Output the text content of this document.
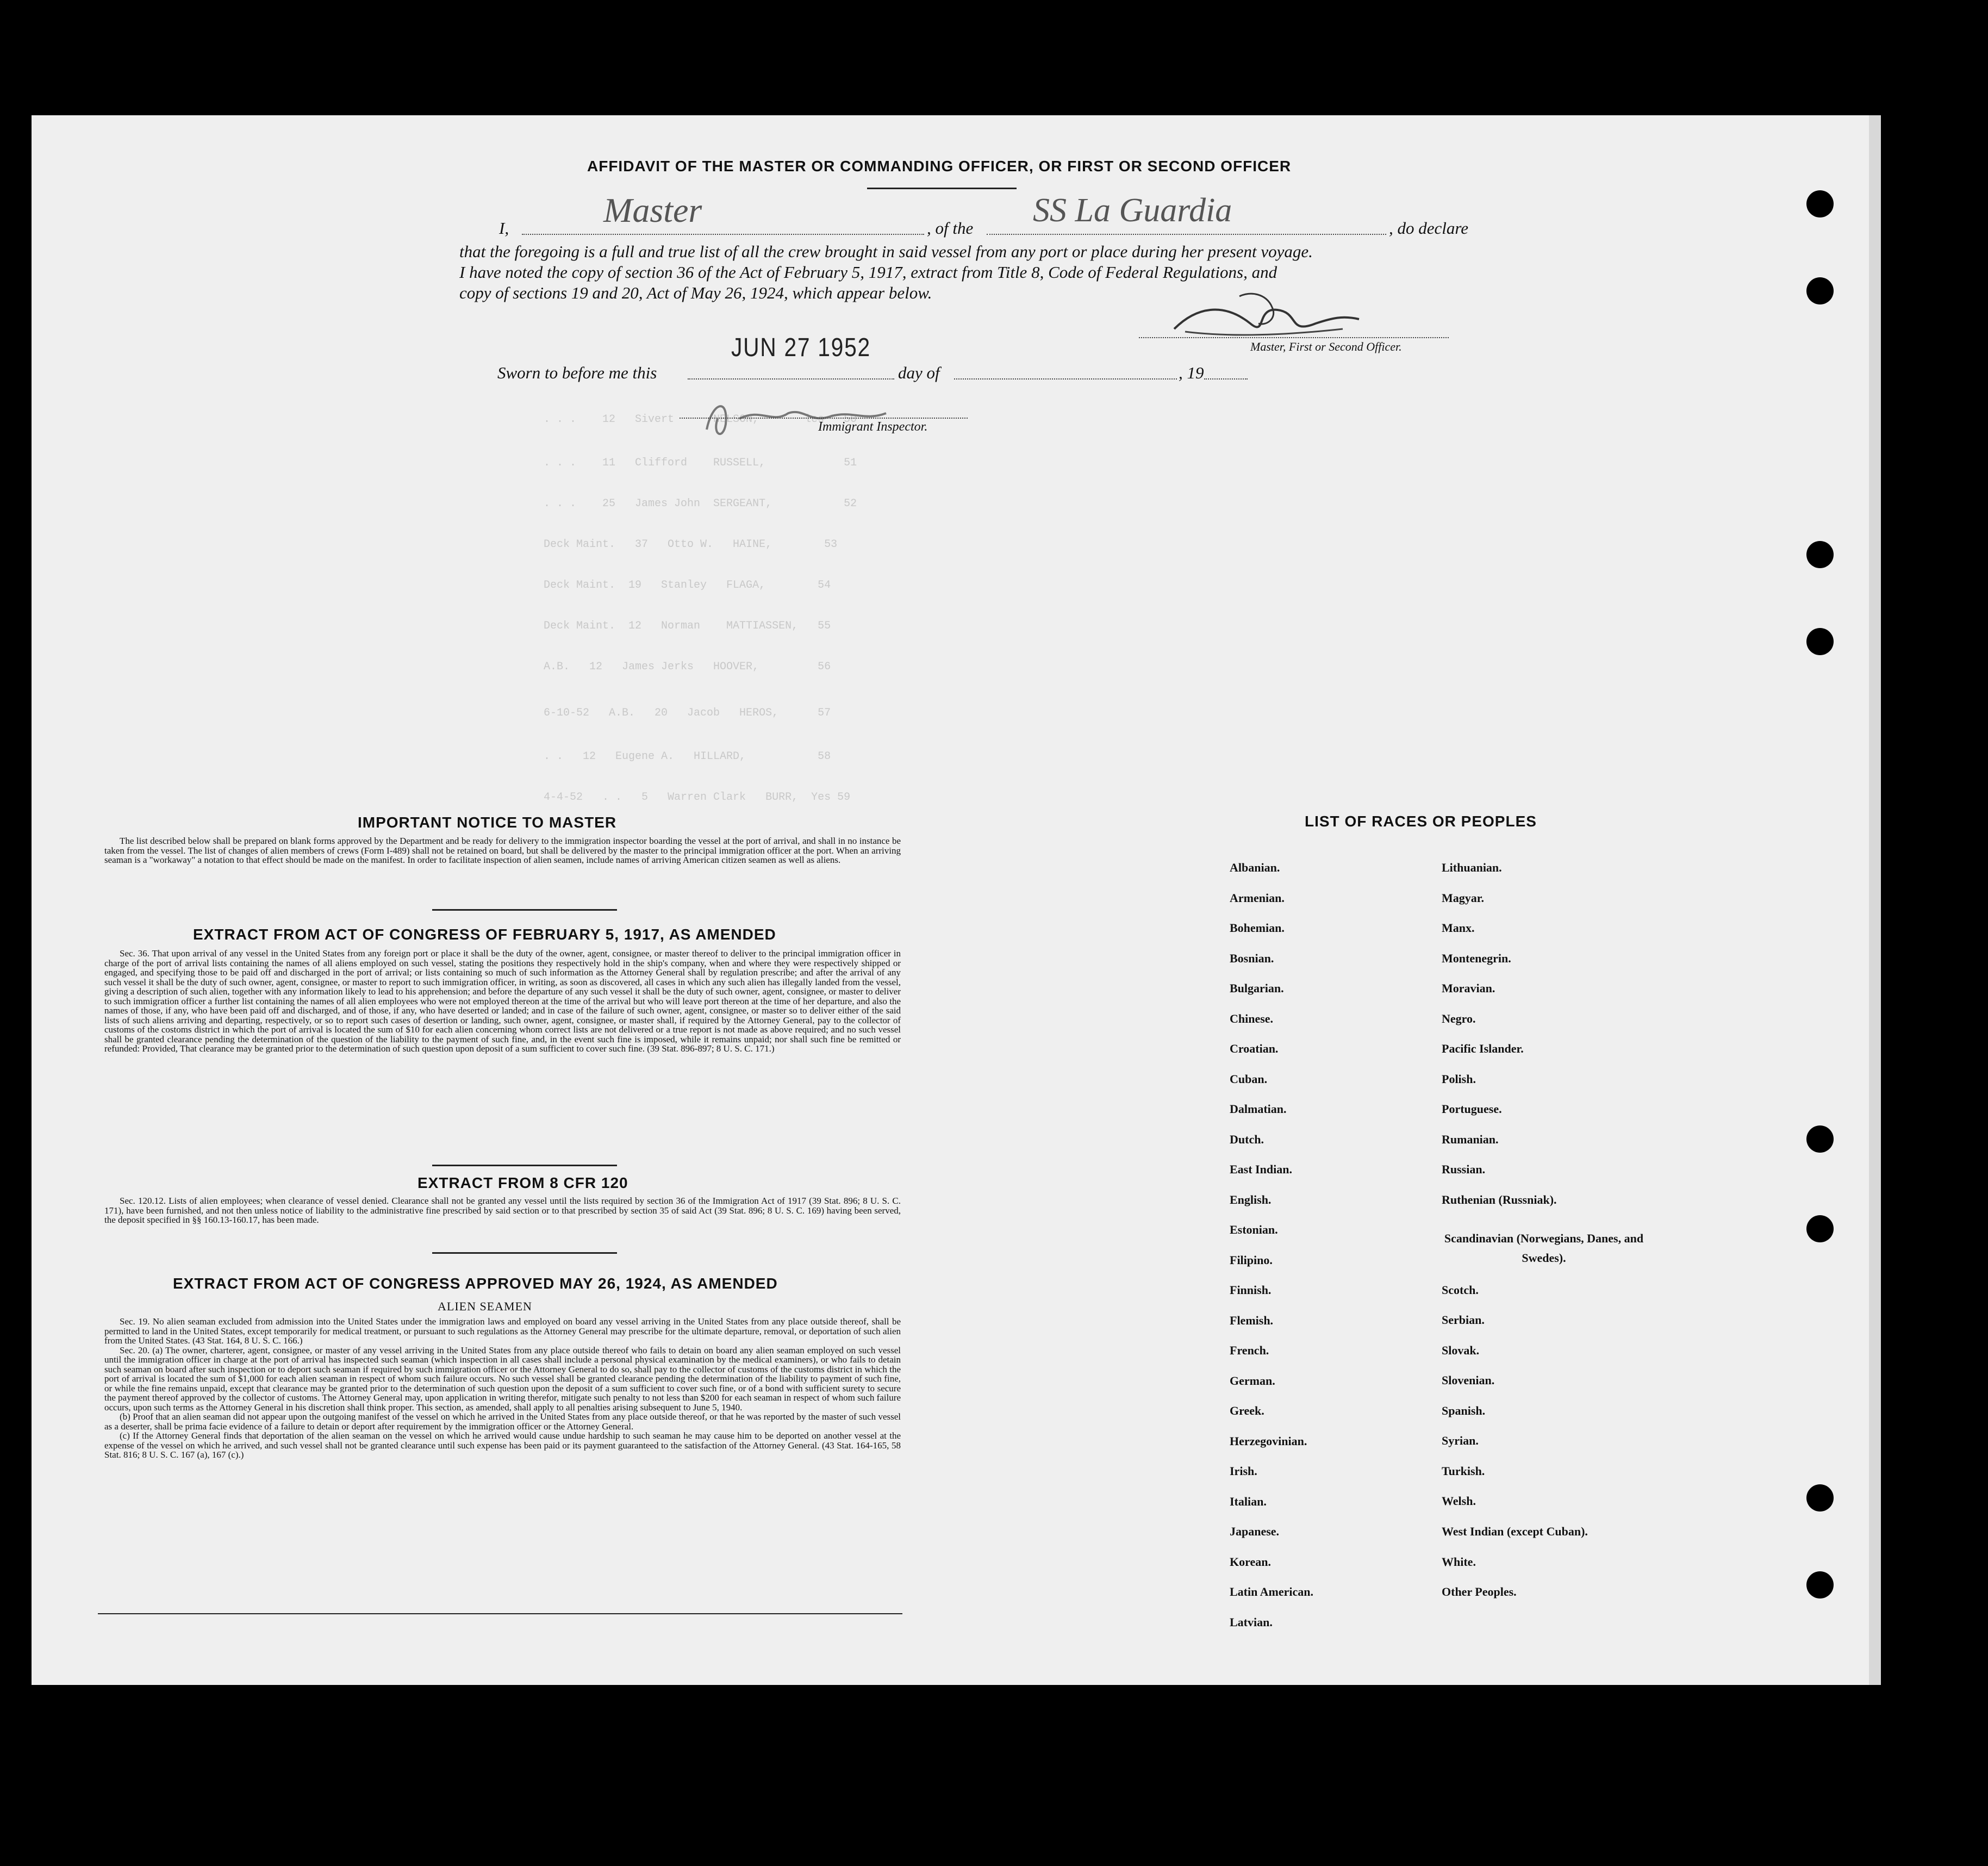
. . .    12   Sivert      NELSON,       les   50
. . .    11   Clifford    RUSSELL,            51
. . .    25   James John  SERGEANT,           52
Deck Maint.   37   Otto W.   HAINE,        53
Deck Maint.  19   Stanley   FLAGA,        54
Deck Maint.  12   Norman    MATTIASSEN,   55
A.B.   12   James Jerks   HOOVER,         56
6-10-52   A.B.   20   Jacob   HEROS,      57
. .   12   Eugene A.   HILLARD,           58
4-4-52   . .   5   Warren Clark   BURR,  Yes 59
AFFIDAVIT OF THE MASTER OR COMMANDING OFFICER, OR FIRST OR SECOND OFFICER
I,	Master	, of the SS La Guardia	, do declare
that the foregoing is a full and true list of all the crew brought in said vessel from any port or place during her present voyage.
I have noted the copy of section 36 of the Act of February 5, 1917, extract from Title 8, Code of Federal Regulations, and
copy of sections 19 and 20, Act of May 26, 1924, which appear below.
Master, First or Second Officer.
Sworn to before me this
JUN 27 1952
day of	, 19
Immigrant Inspector.
IMPORTANT NOTICE TO MASTER

The list described below shall be prepared on blank forms approved by the Department and be ready for delivery to the immigration inspector boarding the vessel at the port of arrival, and shall in no instance be taken from the vessel. The list of changes of alien members of crews (Form I-489) shall not be retained on board, but shall be delivered by the master to the principal immigration officer at the port. When an arriving seaman is a "workaway" a notation to that effect should be made on the manifest. In order to facilitate inspection of alien seamen, include names of arriving American citizen seamen as well as aliens.

EXTRACT FROM ACT OF CONGRESS OF FEBRUARY 5, 1917, AS AMENDED

Sec. 36. That upon arrival of any vessel in the United States from any foreign port or place it shall be the duty of the owner, agent, consignee, or master thereof to deliver to the principal immigration officer in charge of the port of arrival lists containing the names of all aliens employed on such vessel, stating the positions they respectively hold in the ship's company, when and where they were respectively shipped or engaged, and specifying those to be paid off and discharged in the port of arrival; or lists containing so much of such information as the Attorney General shall by regulation prescribe; and after the arrival of any such vessel it shall be the duty of such owner, agent, consignee, or master to report to such immigration officer, in writing, as soon as discovered, all cases in which any such alien has illegally landed from the vessel, giving a description of such alien, together with any information likely to lead to his apprehension; and before the departure of any such vessel it shall be the duty of such owner, agent, consignee, or master to deliver to such immigration officer a further list containing the names of all alien employees who were not employed thereon at the time of the arrival but who will leave port thereon at the time of her departure, and also the names of those, if any, who have been paid off and discharged, and of those, if any, who have deserted or landed; and in case of the failure of such owner, agent, consignee, or master so to deliver either of the said lists of such aliens arriving and departing, respectively, or so to report such cases of desertion or landing, such owner, agent, consignee, or master shall, if required by the Attorney General, pay to the collector of customs of the costoms district in which the port of arrival is located the sum of $10 for each alien concerning whom correct lists are not delivered or a true report is not made as above required; and no such vessel shall be granted clearance pending the determination of the question of the liability to the payment of such fine, and, in the event such fine is imposed, while it remains unpaid; nor shall such fine be remitted or refunded: Provided, That clearance may be granted prior to the determination of such question upon deposit of a sum sufficient to cover such fine. (39 Stat. 896-897; 8 U. S. C. 171.)

EXTRACT FROM 8 CFR 120

Sec. 120.12. Lists of alien employees; when clearance of vessel denied. Clearance shall not be granted any vessel until the lists required by section 36 of the Immigration Act of 1917 (39 Stat. 896; 8 U. S. C. 171), have been furnished, and not then unless notice of liability to the administrative fine prescribed by said section or to that prescribed by section 35 of said Act (39 Stat. 896; 8 U. S. C. 169) having been served, the deposit specified in §§ 160.13-160.17, has been made.

EXTRACT FROM ACT OF CONGRESS APPROVED MAY 26, 1924, AS AMENDED
ALIEN SEAMEN

Sec. 19. No alien seaman excluded from admission into the United States under the immigration laws and employed on board any vessel arriving in the United States from any place outside thereof, shall be permitted to land in the United States, except temporarily for medical treatment, or pursuant to such regulations as the Attorney General may prescribe for the ultimate departure, removal, or deportation of such alien from the United States. (43 Stat. 164, 8 U. S. C. 166.)

Sec. 20. (a) The owner, charterer, agent, consignee, or master of any vessel arriving in the United States from any place outside thereof who fails to detain on board any alien seaman employed on such vessel until the immigration officer in charge at the port of arrival has inspected such seaman (which inspection in all cases shall include a personal physical examination by the medical examiners), or who fails to detain such seaman on board after such inspection or to deport such seaman if required by such immigration officer or the Attorney General to do so, shall pay to the collector of customs of the customs district in which the port of arrival is located the sum of $1,000 for each alien seaman in respect of whom such failure occurs. No such vessel shall be granted clearance pending the determination of the liability to payment of such fine, or while the fine remains unpaid, except that clearance may be granted prior to the determination of such question upon the deposit of a sum sufficient to cover such fine, or of a bond with sufficient surety to secure the payment thereof approved by the collector of customs. The Attorney General may, upon application in writing therefor, mitigate such penalty to not less than $200 for each seaman in respect of whom such failure occurs, upon such terms as the Attorney General in his discretion shall think proper. This section, as amended, shall apply to all penalties arising subsequent to June 5, 1940.

(b) Proof that an alien seaman did not appear upon the outgoing manifest of the vessel on which he arrived in the United States from any place outside thereof, or that he was reported by the master of such vessel as a deserter, shall be prima facie evidence of a failure to detain or deport after requirement by the immigration officer or the Attorney General.

(c) If the Attorney General finds that deportation of the alien seaman on the vessel on which he arrived would cause undue hardship to such seaman he may cause him to be deported on another vessel at the expense of the vessel on which he arrived, and such vessel shall not be granted clearance until such expense has been paid or its payment guaranteed to the satisfaction of the Attorney General. (43 Stat. 164-165, 58 Stat. 816; 8 U. S. C. 167 (a), 167 (c).)

LIST OF RACES OR PEOPLES
Albanian.
Armenian.
Bohemian.
Bosnian.
Bulgarian.
Chinese.
Croatian.
Cuban.
Dalmatian.
Dutch.
East Indian.
English.
Estonian.
Filipino.
Finnish.
Flemish.
French.
German.
Greek.
Herzegovinian.
Irish.
Italian.
Japanese.
Korean.
Latin American.
Latvian.
Lithuanian.
Magyar.
Manx.
Montenegrin.
Moravian.
Negro.
Pacific Islander.
Polish.
Portuguese.
Rumanian.
Russian.
Ruthenian (Russniak).
Scandinavian (Norwegians, Danes, and Swedes).
Scotch.
Serbian.
Slovak.
Slovenian.
Spanish.
Syrian.
Turkish.
Welsh.
West Indian (except Cuban).
White.
Other Peoples.
